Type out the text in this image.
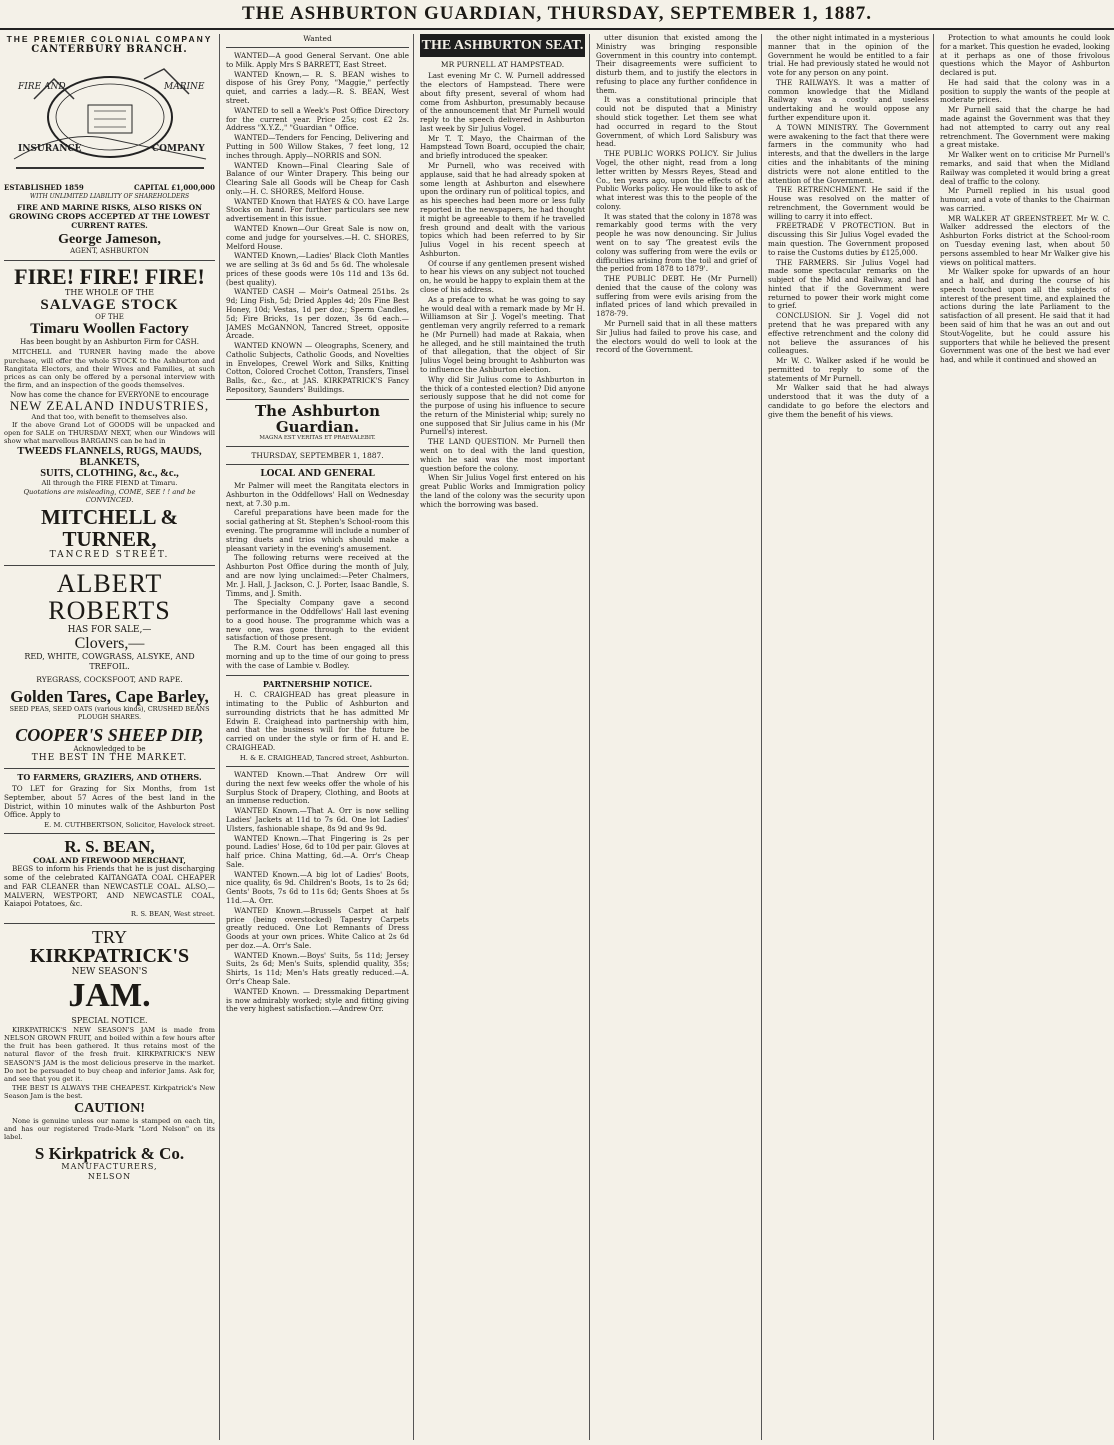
THE ASHBURTON GUARDIAN, THURSDAY, SEPTEMBER 1, 1887.
THE PREMIER COLONIAL COMPANY
CANTERBURY BRANCH.
FIRE AND	MARINE
INSURANCE	COMPANY
ESTABLISHED 1859	CAPITAL £1,000,000
WITH UNLIMITED LIABILITY OF SHAREHOLDERS
FIRE AND MARINE RISKS, ALSO RISKS ON GROWING CROPS ACCEPTED AT THE LOWEST CURRENT RATES.
George Jameson,
AGENT, ASHBURTON
FIRE! FIRE! FIRE!
THE WHOLE OF THE
SALVAGE STOCK
OF THE
Timaru Woollen Factory
Has been bought by an Ashburton Firm for CASH.

MITCHELL and TURNER having made the above purchase, will offer the whole STOCK to the Ashburton and Rangitata Electors, and their Wives and Families, at such prices as can only be offered by a personal interview with the firm, and an inspection of the goods themselves.

Now has come the chance for EVERYONE to encourage
NEW ZEALAND INDUSTRIES,
And that too, with benefit to themselves also.

If the above Grand Lot of GOODS will be unpacked and open for SALE on THURSDAY NEXT, when our Windows will show what marvellous BARGAINS can be had in

TWEEDS FLANNELS, RUGS, MAUDS, BLANKETS,
SUITS, CLOTHING, &c., &c.,
All through the FIRE FIEND at Timaru.
Quotations are misleading, COME, SEE ! ! and be CONVINCED.
MITCHELL & TURNER,
TANCRED STREET.
ALBERT ROBERTS
HAS FOR SALE,—
Clovers,—
RED, WHITE, COWGRASS, ALSYKE, AND TREFOIL.
RYEGRASS, COCKSFOOT, AND RAPE.
Golden Tares, Cape Barley,
SEED PEAS, SEED OATS (various kinds), CRUSHED BEANS PLOUGH SHARES.
COOPER'S SHEEP DIP,
Acknowledged to be
THE BEST IN THE MARKET.
TO FARMERS, GRAZIERS, AND OTHERS.

TO LET for Grazing for Six Months, from 1st September, about 57 Acres of the best land in the District, within 10 minutes walk of the Ashburton Post Office. Apply to

E. M. CUTHBERTSON, Solicitor, Havelock street.
R. S. BEAN,
COAL AND FIREWOOD MERCHANT,

BEGS to inform his Friends that he is just discharging some of the celebrated KAITANGATA COAL CHEAPER and FAR CLEANER than NEWCASTLE COAL. ALSO,— MALVERN, WESTPORT, AND NEWCASTLE COAL, Kaiapoi Potatoes, &c.

R. S. BEAN, West street.
TRY
KIRKPATRICK'S
NEW SEASON'S
JAM.
SPECIAL NOTICE.

KIRKPATRICK'S NEW SEASON'S JAM is made from NELSON GROWN FRUIT, and boiled within a few hours after the fruit has been gathered. It thus retains most of the natural flavor of the fresh fruit. KIRKPATRICK'S NEW SEASON'S JAM is the most delicious preserve in the market. Do not be persuaded to buy cheap and inferior Jams. Ask for, and see that you get it.

THE BEST IS ALWAYS THE CHEAPEST. Kirkpatrick's New Season Jam is the best.

CAUTION!

None is genuine unless our name is stamped on each tin, and has our registered Trade-Mark "Lord Nelson" on its label.

S Kirkpatrick & Co.
MANUFACTURERS,
NELSON
Wanted

WANTED—A good General Servant. One able to Milk. Apply Mrs S BARRETT, East Street.

WANTED Known,— R. S. BEAN wishes to dispose of his Grey Pony, "Maggie," perfectly quiet, and carries a lady.—R. S. BEAN, West street.

WANTED to sell a Week's Post Office Directory for the current year. Price 25s; cost £2 2s. Address "X.Y.Z.," "Guardian " Office.

WANTED—Tenders for Fencing, Delivering and Putting in 500 Willow Stakes, 7 feet long, 12 inches through. Apply—NORRIS and SON.

WANTED Known—Final Clearing Sale of Balance of our Winter Drapery. This being our Clearing Sale all Goods will be Cheap for Cash only.—H. C. SHORES, Melford House.

WANTED Known that HAYES & CO. have Large Stocks on hand. For further particulars see new advertisement in this issue.

WANTED Known—Our Great Sale is now on, come and judge for yourselves.—H. C. SHORES, Melford House.

WANTED Known,—Ladies' Black Cloth Mantles we are selling at 3s 6d and 5s 6d. The wholesale prices of these goods were 10s 11d and 13s 6d. (best quality).

WANTED CASH — Moir's Oatmeal 251bs. 2s 9d; Ling Fish, 5d; Dried Apples 4d; 20s Fine Best Honey, 10d; Vestas, 1d per doz.; Sperm Candles, 5d; Fire Bricks, 1s per dozen, 3s 6d each.—JAMES McGANNON, Tancred Street, opposite Arcade.

WANTED KNOWN — Oleographs, Scenery, and Catholic Subjects, Catholic Goods, and Novelties in Envelopes, Crewel Work and Silks, Knitting Cotton, Colored Crochet Cotton, Transfers, Tinsel Balls, &c., &c., at JAS. KIRKPATRICK'S Fancy Repository, Saunders' Buildings.

The Ashburton Guardian.
MAGNA EST VERITAS ET PRAEVALEBIT.
THURSDAY, SEPTEMBER 1, 1887.
LOCAL AND GENERAL

Mr Palmer will meet the Rangitata electors in Ashburton in the Oddfellows' Hall on Wednesday next, at 7.30 p.m.

Careful preparations have been made for the social gathering at St. Stephen's School-room this evening. The programme will include a number of string duets and trios which should make a pleasant variety in the evening's amusement.

The following returns were received at the Ashburton Post Office during the month of July, and are now lying unclaimed:—Peter Chalmers, Mr. J. Hall, J. Jackson, C. J. Porter, Isaac Bandle, S. Timms, and J. Smith.

The Specialty Company gave a second performance in the Oddfellows' Hall last evening to a good house. The programme which was a new one, was gone through to the evident satisfaction of those present.

The R.M. Court has been engaged all this morning and up to the time of our going to press with the case of Lambie v. Bodley.

PARTNERSHIP NOTICE.

H. C. CRAIGHEAD has great pleasure in intimating to the Public of Ashburton and surrounding districts that he has admitted Mr Edwin E. Craighead into partnership with him, and that the business will for the future be carried on under the style or firm of H. and E. CRAIGHEAD.

H. & E. CRAIGHEAD, Tancred street, Ashburton.

WANTED Known.—That Andrew Orr will during the next few weeks offer the whole of his Surplus Stock of Drapery, Clothing, and Boots at an immense reduction.

WANTED Known.—That A. Orr is now selling Ladies' Jackets at 11d to 7s 6d. One lot Ladies' Ulsters, fashionable shape, 8s 9d and 9s 9d.

WANTED Known.—That Fingering is 2s per pound. Ladies' Hose, 6d to 10d per pair. Gloves at half price. China Matting, 6d.—A. Orr's Cheap Sale.

WANTED Known.—A big lot of Ladies' Boots, nice quality, 6s 9d. Children's Boots, 1s to 2s 6d; Gents' Boots, 7s 6d to 11s 6d; Gents Shoes at 5s 11d.—A. Orr.

WANTED Known.—Brussels Carpet at half price (being overstocked) Tapestry Carpets greatly reduced. One Lot Remnants of Dress Goods at your own prices. White Calico at 2s 6d per doz.—A. Orr's Sale.

WANTED Known.—Boys' Suits, 5s 11d; Jersey Suits, 2s 6d; Men's Suits, splendid quality, 35s; Shirts, 1s 11d; Men's Hats greatly reduced.—A. Orr's Cheap Sale.

WANTED Known. — Dressmaking Department is now admirably worked; style and fitting giving the very highest satisfaction.—Andrew Orr.

THE ASHBURTON SEAT.
MR PURNELL AT HAMPSTEAD.

Last evening Mr C. W. Purnell addressed the electors of Hampstead. There were about fifty present, several of whom had come from Ashburton, presumably because of the announcement that Mr Purnell would reply to the speech delivered in Ashburton last week by Sir Julius Vogel.

Mr T. T. Mayo, the Chairman of the Hampstead Town Board, occupied the chair, and briefly introduced the speaker.

Mr Purnell, who was received with applause, said that he had already spoken at some length at Ashburton and elsewhere upon the ordinary run of political topics, and as his speeches had been more or less fully reported in the newspapers, he had thought it might be agreeable to them if he travelled fresh ground and dealt with the various topics which had been referred to by Sir Julius Vogel in his recent speech at Ashburton.

Of course if any gentlemen present wished to hear his views on any subject not touched on, he would be happy to explain them at the close of his address.

As a preface to what he was going to say he would deal with a remark made by Mr H. Williamson at Sir J. Vogel's meeting. That gentleman very angrily referred to a remark he (Mr Purnell) had made at Rakaia, when he alleged, and he still maintained the truth of that allegation, that the object of Sir Julius Vogel being brought to Ashburton was to influence the Ashburton election.

Why did Sir Julius come to Ashburton in the thick of a contested election? Did anyone seriously suppose that he did not come for the purpose of using his influence to secure the return of the Ministerial whip; surely no one supposed that Sir Julius came in his (Mr Purnell's) interest.

THE LAND QUESTION. Mr Purnell then went on to deal with the land question, which he said was the most important question before the colony.

When Sir Julius Vogel first entered on his great Public Works and Immigration policy the land of the colony was the security upon which the borrowing was based.

utter disunion that existed among the Ministry was bringing responsible Government in this country into contempt. Their disagreements were sufficient to disturb them, and to justify the electors in refusing to place any further confidence in them.

It was a constitutional principle that could not be disputed that a Ministry should stick together. Let them see what had occurred in regard to the Stout Government, of which Lord Salisbury was head.

THE PUBLIC WORKS POLICY. Sir Julius Vogel, the other night, read from a long letter written by Messrs Reyes, Stead and Co., ten years ago, upon the effects of the Public Works policy. He would like to ask of what interest was this to the people of the colony.

It was stated that the colony in 1878 was remarkably good terms with the very people he was now denouncing. Sir Julius went on to say 'The greatest evils the colony was suffering from were the evils or difficulties arising from the toil and grief of the period from 1878 to 1879'.

THE PUBLIC DEBT. He (Mr Purnell) denied that the cause of the colony was suffering from were evils arising from the inflated prices of land which prevailed in 1878-79.

Mr Purnell said that in all these matters Sir Julius had failed to prove his case, and the electors would do well to look at the record of the Government.

the other night intimated in a mysterious manner that in the opinion of the Government he would be entitled to a fair trial. He had previously stated he would not vote for any person on any point.

THE RAILWAYS. It was a matter of common knowledge that the Midland Railway was a costly and useless undertaking and he would oppose any further expenditure upon it.

A TOWN MINISTRY. The Government were awakening to the fact that there were farmers in the community who had interests, and that the dwellers in the large cities and the inhabitants of the mining districts were not alone entitled to the attention of the Government.

THE RETRENCHMENT. He said if the House was resolved on the matter of retrenchment, the Government would be willing to carry it into effect.

FREETRADE V PROTECTION. But in discussing this Sir Julius Vogel evaded the main question. The Government proposed to raise the Customs duties by £125,000.

THE FARMERS. Sir Julius Vogel had made some spectacular remarks on the subject of the Mid and Railway, and had hinted that if the Government were returned to power their work might come to grief.

CONCLUSION. Sir J. Vogel did not pretend that he was prepared with any effective retrenchment and the colony did not believe the assurances of his colleagues.

Mr W. C. Walker asked if he would be permitted to reply to some of the statements of Mr Purnell.

Mr Walker said that he had always understood that it was the duty of a candidate to go before the electors and give them the benefit of his views.

Protection to what amounts he could look for a market. This question he evaded, looking at it perhaps as one of those frivolous questions which the Mayor of Ashburton declared is put.

He had said that the colony was in a position to supply the wants of the people at moderate prices.

Mr Purnell said that the charge he had made against the Government was that they had not attempted to carry out any real retrenchment. The Government were making a great mistake.

Mr Walker went on to criticise Mr Purnell's remarks, and said that when the Midland Railway was completed it would bring a great deal of traffic to the colony.

Mr Purnell replied in his usual good humour, and a vote of thanks to the Chairman was carried.

MR WALKER AT GREENSTREET. Mr W. C. Walker addressed the electors of the Ashburton Forks district at the School-room on Tuesday evening last, when about 50 persons assembled to hear Mr Walker give his views on political matters.

Mr Walker spoke for upwards of an hour and a half, and during the course of his speech touched upon all the subjects of interest of the present time, and explained the actions during the late Parliament to the satisfaction of all present. He said that it had been said of him that he was an out and out Stout-Vogelite, but he could assure his supporters that while he believed the present Government was one of the best we had ever had, and while it continued and showed an
